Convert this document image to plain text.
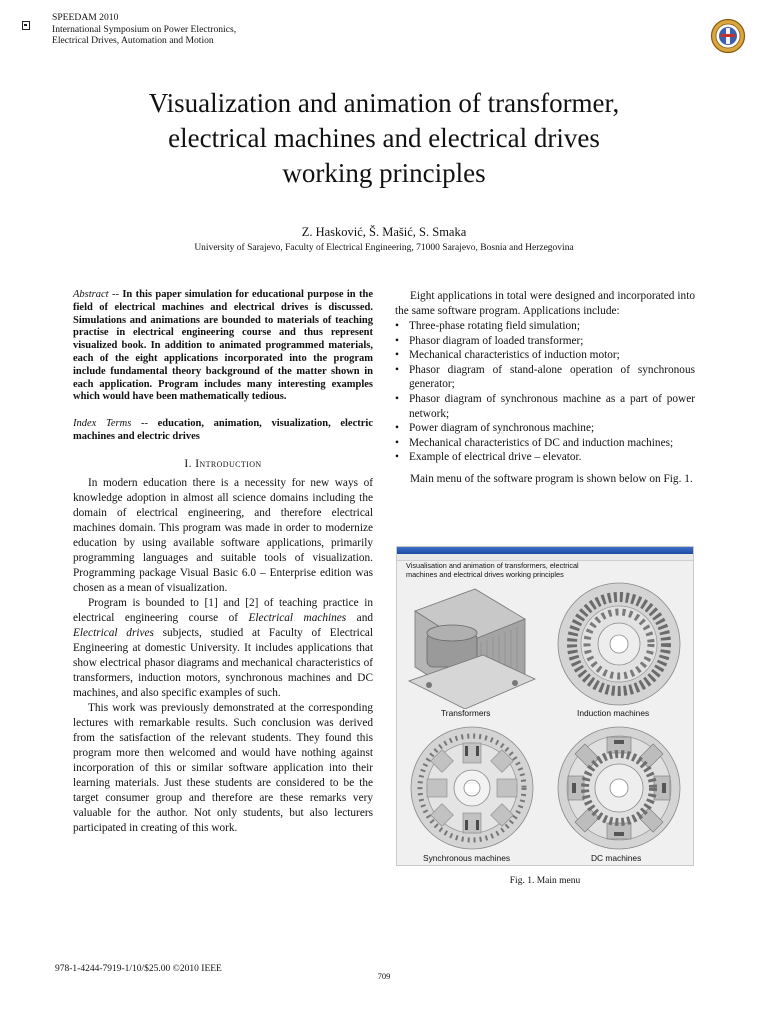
SPEEDAM 2010
International Symposium on Power Electronics,
Electrical Drives, Automation and Motion
Visualization and animation of transformer,
electrical machines and electrical drives
working principles
Z. Hasković, Š. Mašić, S. Smaka
University of Sarajevo, Faculty of Electrical Engineering, 71000 Sarajevo, Bosnia and Herzegovina

Abstract -- In this paper simulation for educational purpose in the field of electrical machines and electrical drives is discussed. Simulations and animations are bounded to materials of teaching practise in electrical engineering course and thus represent visualized book. In addition to animated programmed materials, each of the eight applications incorporated into the program include fundamental theory background of the matter shown in each application. Program includes many interesting examples which would have been mathematically tedious.

Index Terms -- education, animation, visualization, electric machines and electric drives

I. Introduction

In modern education there is a necessity for new ways of knowledge adoption in almost all science domains including the domain of electrical engineering, and therefore electrical machines domain. This program was made in order to modernize education by using available software applications, primarily programming languages and suitable tools of visualization. Programming package Visual Basic 6.0 – Enterprise edition was chosen as a mean of visualization.

Program is bounded to [1] and [2] of teaching practice in electrical engineering course of Electrical machines and Electrical drives subjects, studied at Faculty of Electrical Engineering at domestic University. It includes applications that show electrical phasor diagrams and mechanical characteristics of transformers, induction motors, synchronous machines and DC machines, and also specific examples of such.

This work was previously demonstrated at the corresponding lectures with remarkable results. Such conclusion was derived from the satisfaction of the relevant students. They found this program more then welcomed and would have nothing against incorporation of this or similar software application into their learning materials. Just these students are considered to be the target consumer group and therefore are these remarks very valuable for the author. Not only students, but also lecturers participated in creating of this work.

Eight applications in total were designed and incorporated into the same software program. Applications include:

• Three-phase rotating field simulation;
• Phasor diagram of loaded transformer;
• Mechanical characteristics of induction motor;
• Phasor diagram of stand-alone operation of synchronous generator;
• Phasor diagram of synchronous machine as a part of power network;
• Power diagram of synchronous machine;
• Mechanical characteristics of DC and induction machines;
• Example of electrical drive – elevator.

Main menu of the software program is shown below on Fig. 1.

Visualisation and animation of transformers, electrical
machines and electrical drives working principles
Transformers	Induction machines
Synchronous machines	DC machines
Fig. 1. Main menu
978-1-4244-7919-1/10/$25.00 ©2010 IEEE
709
